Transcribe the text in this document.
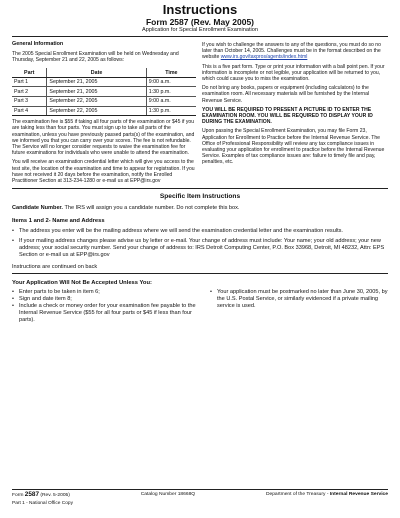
Instructions
Form 2587 (Rev. May 2005)
Application for Special Enrollment Examination
General Information
The 2005 Special Enrollment Examination will be held on Wednesday and Thursday, September 21 and 22, 2005 as follows:
Part	Date	Time
Part 1	September 21, 2005	9:00 a.m.
Part 2	September 21, 2005	1:30 p.m.
Part 3	September 22, 2005	9:00 a.m.
Part 4	September 22, 2005	1:30 p.m.
The examination fee is $55 if taking all four parts of the examination or $45 if you are taking less than four parts. You must sign up to take all parts of the examination, unless you have previously passed parts(s) of the examination, and we informed you that you can carry over your scores. The fee is not refundable. The Service will no longer consider requests to waive the examination fee for future examinations for individuals who were unable to attend the examination.
You will receive an examination credential letter which will give you access to the test site, the location of the examination and time to appear for registration. If you have not received it 20 days before the examination, notify the Enrolled Practitioner Section at 313-234-1280 or e-mail us at EPP@irs.gov
If you wish to challenge the answers to any of the questions, you must do so no later than October 14, 2005. Challenges must be in the format described on the website www.irs.gov/taxpros/agents/index.html
This is a five part form. Type or print your information with a ball point pen. If your information is incomplete or not legible, your application will be returned to you, which could cause you to miss the examination.
Do not bring any books, papers or equipment (including calculators) to the examination room. All necessary materials will be furnished by the Internal Revenue Service.
YOU WILL BE REQUIRED TO PRESENT A PICTURE ID TO ENTER THE EXAMINATION ROOM. YOU WILL BE REQUIRED TO DISPLAY YOUR ID DURING THE EXAMINATION.
Upon passing the Special Enrollment Examination, you may file Form 23, Application for Enrollment to Practice before the Internal Revenue Service. The Office of Professional Responsibility will review any tax compliance issues in evaluating your application for enrollment to practice before the Internal Revenue Service. Examples of tax compliance issues are: failure to timely file and pay, penalties, etc.
Specific Item Instructions
Candidate Number. The IRS will assign you a candidate number. Do not complete this box.
Items 1 and 2- Name and Address
• The address you enter will be the mailing address where we will send the examination credential letter and the examination results.
• If your mailing address changes please advise us by letter or e-mail. Your change of address must include: Your name; your old address; your new address; your social security number. Send your change of address to: IRS Detroit Computing Center, P.O. Box 33968, Detroit, MI 48232, Attn: EPS Section or e-mail us at EPP@irs.gov
Instructions are continued on back
Your Application Will Not Be Accepted Unless You:
• Enter parts to be taken in item 6;
• Sign and date item 8;
• Include a check or money order for your examination fee payable to the Internal Revenue Service ($55 for all four parts or $45 if less than four parts).
• Your application must be postmarked no later than June 30, 2005, by the U.S. Postal Service, or similarly evidenced if a private mailing service is used.
Form 2587 (Rev. 5-2005)	Catalog Number 18668Q	Department of the Treasury - Internal Revenue Service
Part 1 - National Office Copy
